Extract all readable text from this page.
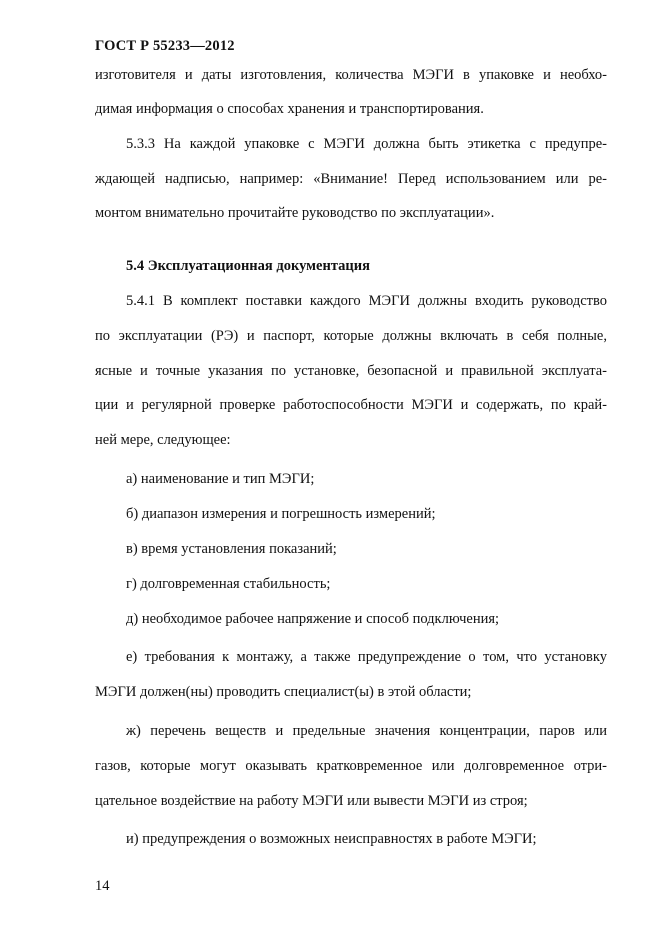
ГОСТ Р 55233—2012
изготовителя и даты изготовления, количества МЭГИ в упаковке и необхо-
димая информация о способах хранения и транспортирования.
5.3.3 На каждой упаковке с МЭГИ должна быть этикетка с предупре-
ждающей надписью, например: «Внимание! Перед использованием или ре-
монтом внимательно прочитайте руководство по эксплуатации».
5.4 Эксплуатационная документация
5.4.1 В комплект поставки каждого МЭГИ должны входить руководство
по эксплуатации (РЭ) и паспорт, которые должны включать в себя полные,
ясные и точные указания по установке, безопасной и правильной эксплуата-
ции и регулярной проверке работоспособности МЭГИ и содержать, по край-
ней мере, следующее:
а) наименование и тип МЭГИ;
б) диапазон измерения и погрешность измерений;
в) время установления показаний;
г) долговременная стабильность;
д) необходимое рабочее напряжение и способ подключения;
е) требования к монтажу, а также предупреждение о том, что установку
МЭГИ должен(ны) проводить специалист(ы) в этой области;
ж) перечень веществ и предельные значения концентрации, паров или
газов, которые могут оказывать кратковременное или долговременное отри-
цательное воздействие на работу МЭГИ или вывести МЭГИ из строя;
и) предупреждения о возможных неисправностях в работе МЭГИ;
14
